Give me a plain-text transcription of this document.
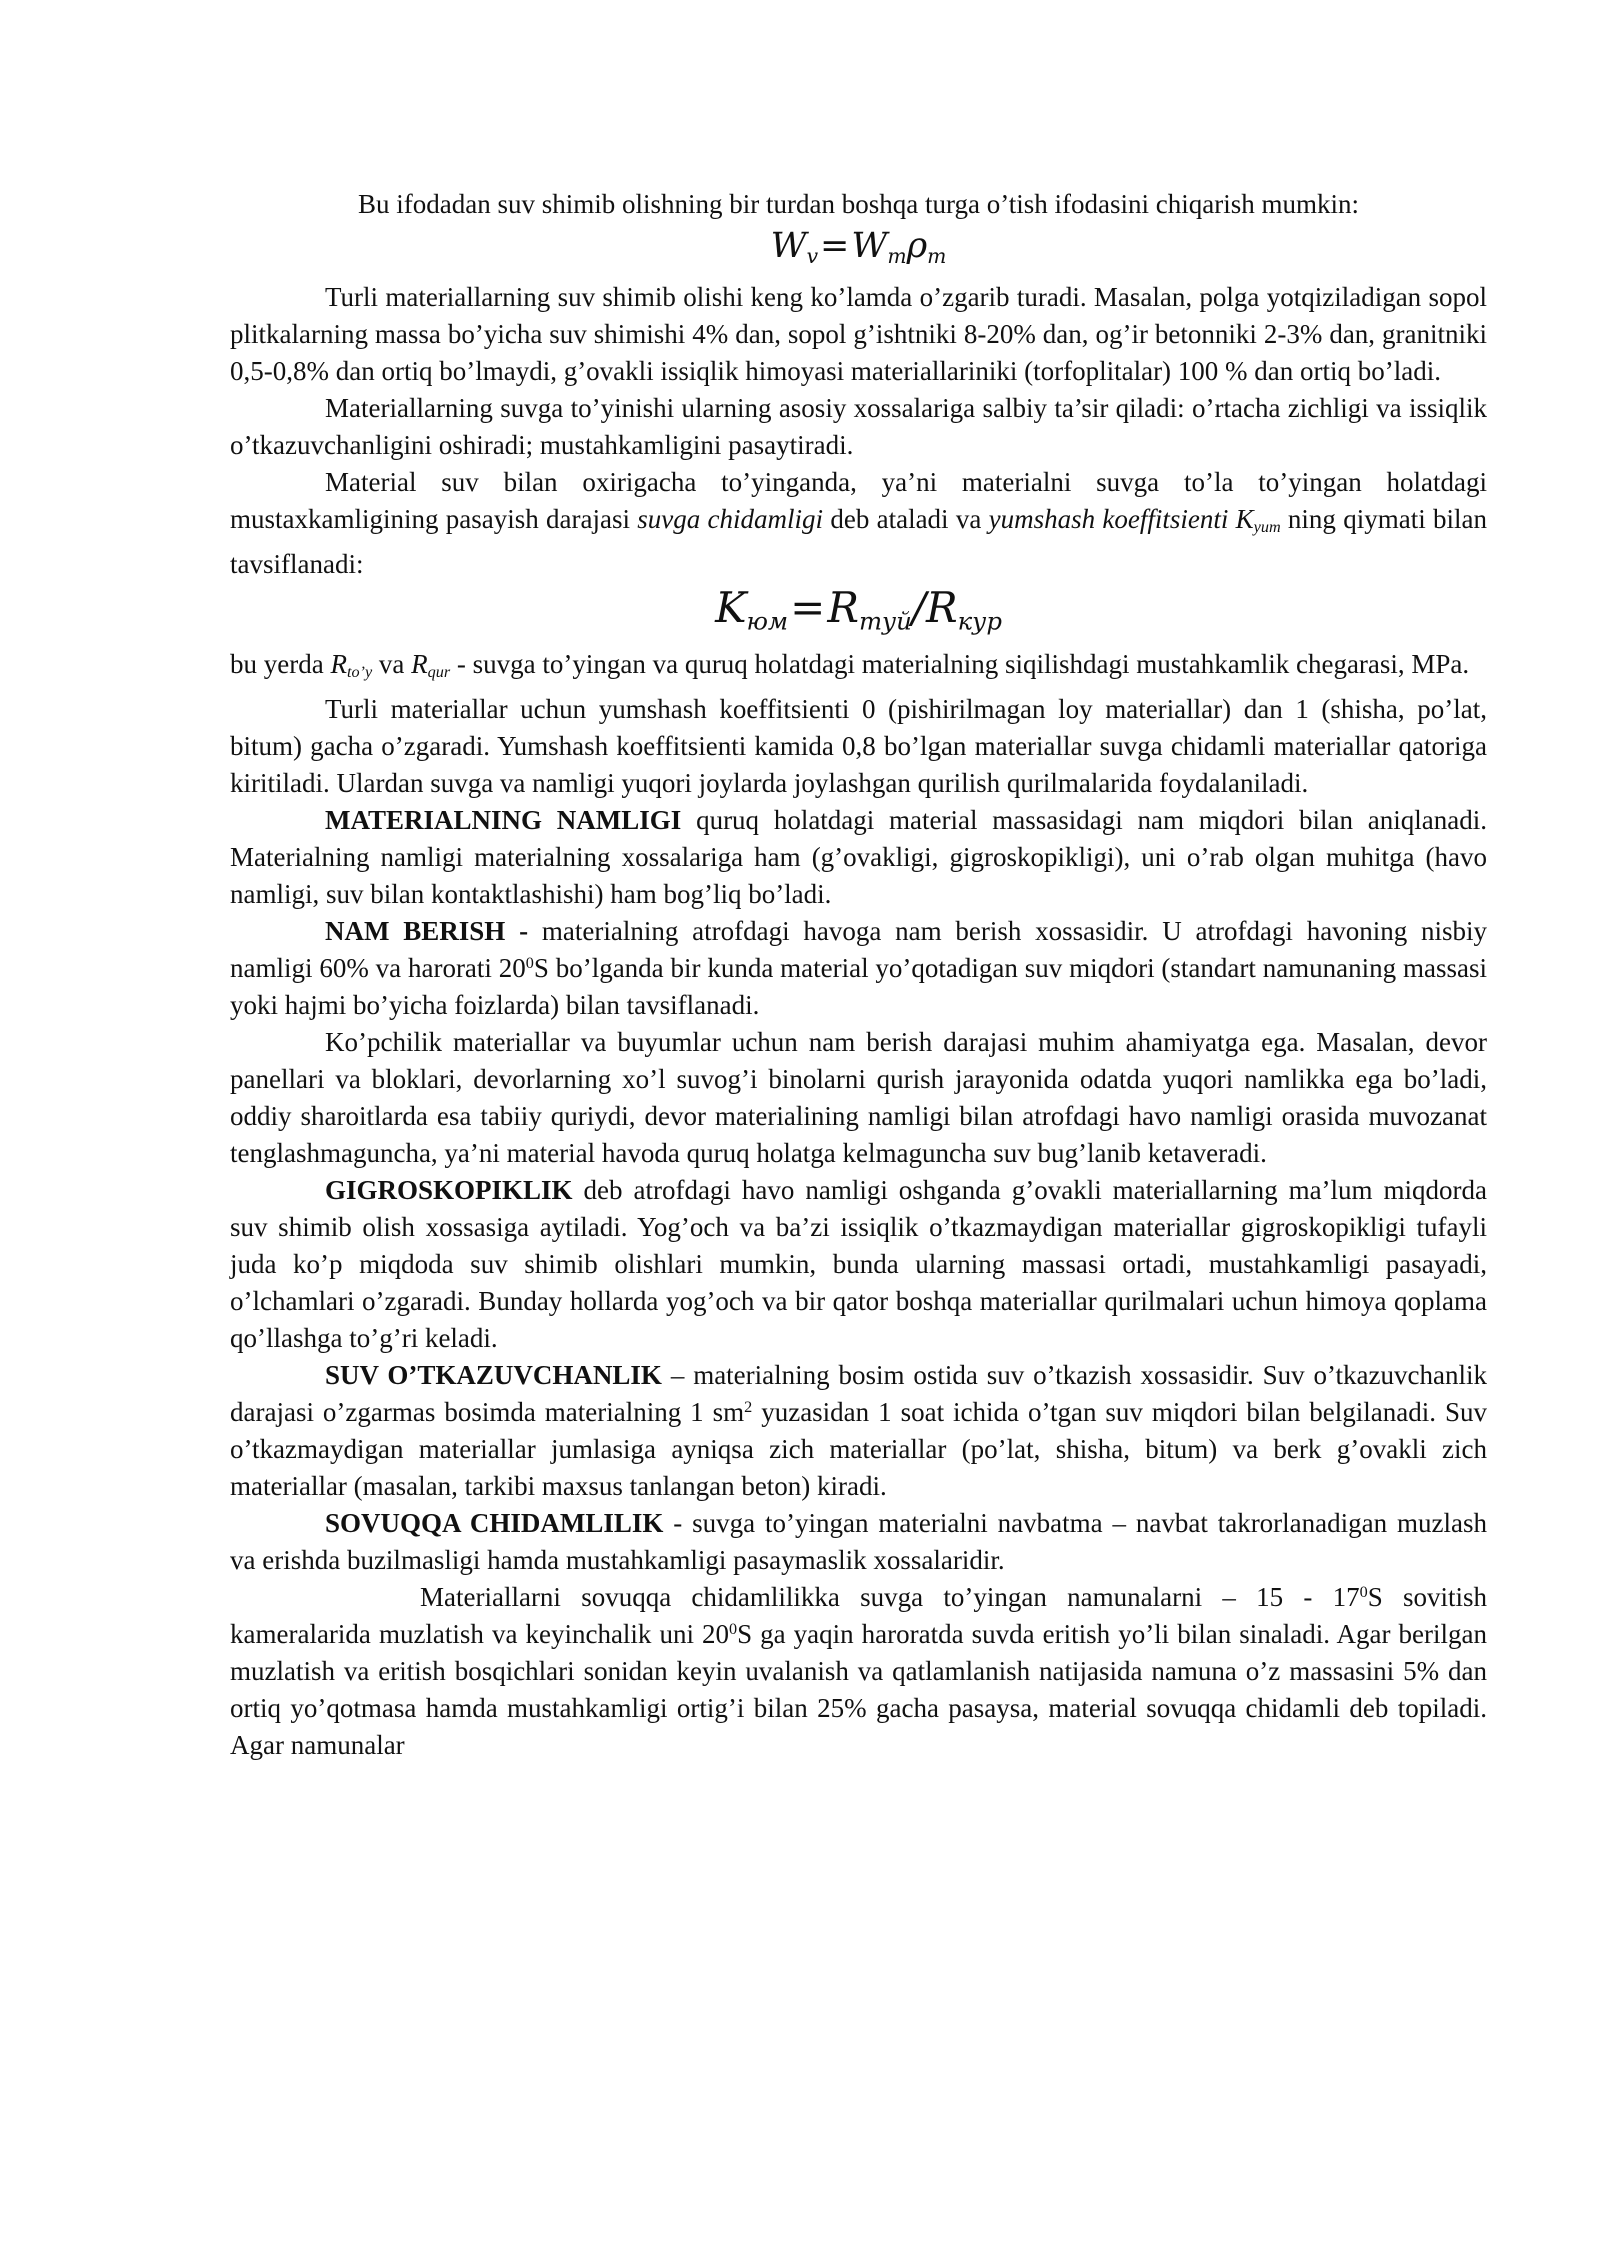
Bu ifodadan suv shimib olishning bir turdan boshqa turga o’tish ifodasini chiqarish mumkin:

$W_v=W_m\rho_m$

Turli materiallarning suv shimib olishi keng ko’lamda o’zgarib turadi. Masalan, polga yotqiziladigan sopol plitkalarning massa bo’yicha suv shimishi 4% dan, sopol g’ishtniki 8-20% dan, og’ir betonniki 2-3% dan, granitniki 0,5-0,8% dan ortiq bo’lmaydi, g’ovakli issiqlik himoyasi materiallariniki (torfoplitalar) 100 % dan ortiq bo’ladi.

Materiallarning suvga to’yinishi ularning asosiy xossalariga salbiy ta’sir qiladi: o’rtacha zichligi va issiqlik o’tkazuvchanligini oshiradi; mustahkamligini pasaytiradi.

Material suv bilan oxirigacha to’yinganda, ya’ni materialni suvga to’la to’yingan holatdagi mustaxkamligining pasayish darajasi suvga chidamligi deb ataladi va yumshash koeffitsienti Kyum ning qiymati bilan tavsiflanadi:

$K_{юм}=R_{туй}/R_{кур}$

bu yerda Rto’y va Rqur - suvga to’yingan va quruq holatdagi materialning siqilishdagi mustahkamlik chegarasi, MPa.

Turli materiallar uchun yumshash koeffitsienti 0 (pishirilmagan loy materiallar) dan 1 (shisha, po’lat, bitum) gacha o’zgaradi. Yumshash koeffitsienti kamida 0,8 bo’lgan materiallar suvga chidamli materiallar qatoriga kiritiladi. Ulardan suvga va namligi yuqori joylarda joylashgan qurilish qurilmalarida foydalaniladi.

MATERIALNING NAMLIGI quruq holatdagi material massasidagi nam miqdori bilan aniqlanadi. Materialning namligi materialning xossalariga ham (g’ovakligi, gigroskopikligi), uni o’rab olgan muhitga (havo namligi, suv bilan kontaktlashishi) ham bog’liq bo’ladi.

NAM BERISH - materialning atrofdagi havoga nam berish xossasidir. U atrofdagi havoning nisbiy namligi 60% va harorati $20^0S$ bo’lganda bir kunda material yo’qotadigan suv miqdori (standart namunaning massasi yoki hajmi bo’yicha foizlarda) bilan tavsiflanadi.

Ko’pchilik materiallar va buyumlar uchun nam berish darajasi muhim ahamiyatga ega. Masalan, devor panellari va bloklari, devorlarning xo’l suvog’i binolarni qurish jarayonida odatda yuqori namlikka ega bo’ladi, oddiy sharoitlarda esa tabiiy quriydi, devor materialining namligi bilan atrofdagi havo namligi orasida muvozanat tenglashmaguncha, ya’ni material havoda quruq holatga kelmaguncha suv bug’lanib ketaveradi.

GIGROSKOPIKLIK deb atrofdagi havo namligi oshganda g’ovakli materiallarning ma’lum miqdorda suv shimib olish xossasiga aytiladi. Yog’och va ba’zi issiqlik o’tkazmaydigan materiallar gigroskopikligi tufayli juda ko’p miqdoda suv shimib olishlari mumkin, bunda ularning massasi ortadi, mustahkamligi pasayadi, o’lchamlari o’zgaradi. Bunday hollarda yog’och va bir qator boshqa materiallar qurilmalari uchun himoya qoplama qo’llashga to’g’ri keladi.

SUV O’TKAZUVCHANLIK – materialning bosim ostida suv o’tkazish xossasidir. Suv o’tkazuvchanlik darajasi o’zgarmas bosimda materialning 1 $sm^2$ yuzasidan 1 soat ichida o’tgan suv miqdori bilan belgilanadi. Suv o’tkazmaydigan materiallar jumlasiga ayniqsa zich materiallar (po’lat, shisha, bitum) va berk g’ovakli zich materiallar (masalan, tarkibi maxsus tanlangan beton) kiradi.

SOVUQQA CHIDAMLILIK - suvga to’yingan materialni navbatma – navbat takrorlanadigan muzlash va erishda buzilmasligi hamda mustahkamligi pasaymaslik xossalaridir.

Materiallarni sovuqqa chidamlilikka suvga to’yingan namunalarni – $15 - 17^0S$ sovitish kameralarida muzlatish va keyinchalik uni $20^0S$ ga yaqin haroratda suvda eritish yo’li bilan sinaladi. Agar berilgan muzlatish va eritish bosqichlari sonidan keyin uvalanish va qatlamlanish natijasida namuna o’z massasini 5% dan ortiq yo’qotmasa hamda mustahkamligi ortig’i bilan 25% gacha pasaysa, material sovuqqa chidamli deb topiladi. Agar namunalar
